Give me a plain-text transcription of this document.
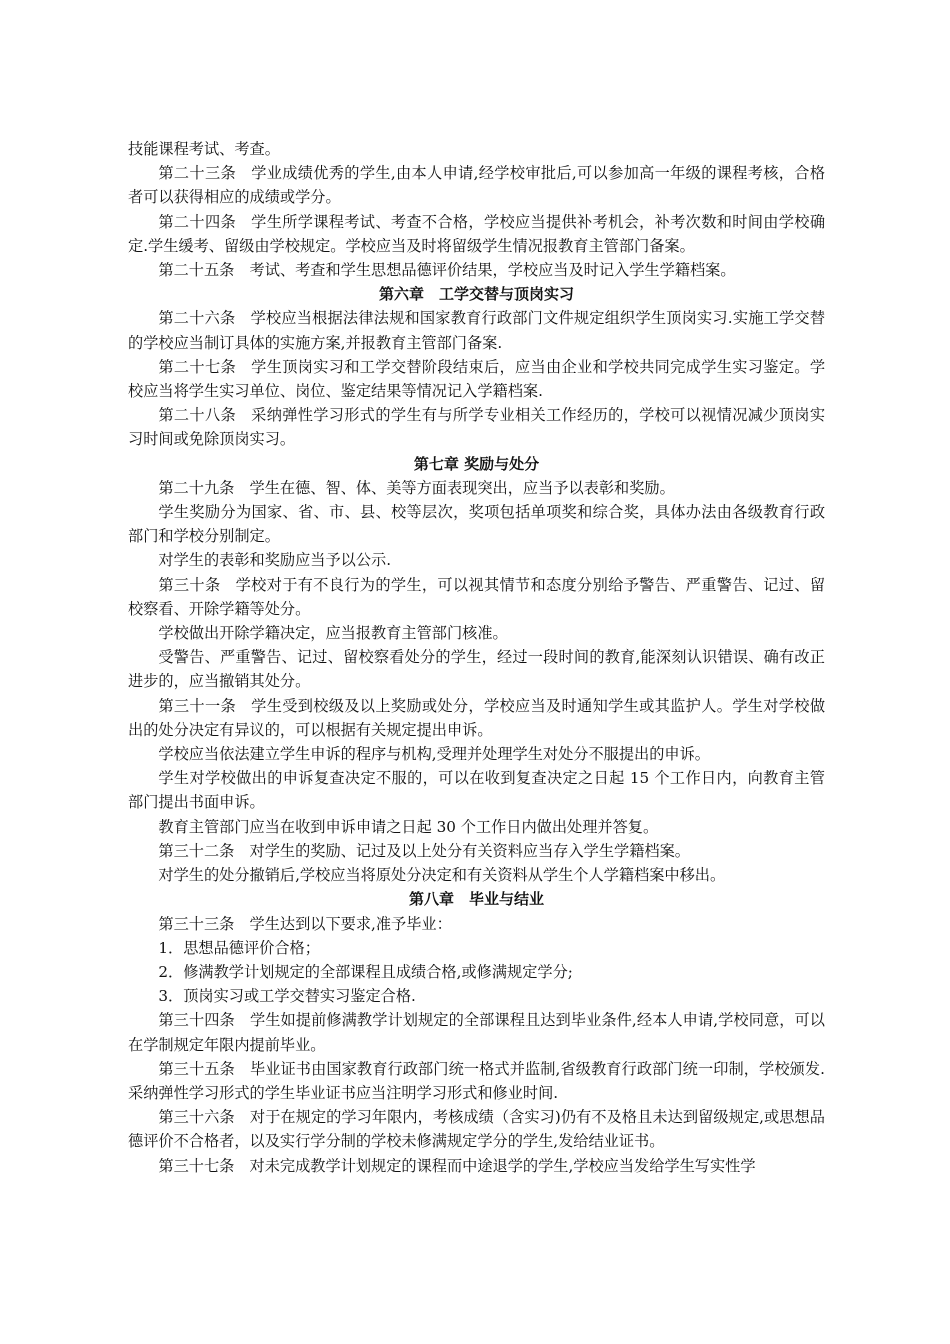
技能课程考试、考查。

第二十三条 学业成绩优秀的学生,由本人申请,经学校审批后,可以参加高一年级的课程考核，合格者可以获得相应的成绩或学分。

第二十四条 学生所学课程考试、考查不合格，学校应当提供补考机会，补考次数和时间由学校确定.学生缓考、留级由学校规定。学校应当及时将留级学生情况报教育主管部门备案。

第二十五条 考试、考查和学生思想品德评价结果，学校应当及时记入学生学籍档案。

第六章　工学交替与顶岗实习

第二十六条 学校应当根据法律法规和国家教育行政部门文件规定组织学生顶岗实习.实施工学交替的学校应当制订具体的实施方案,并报教育主管部门备案.

第二十七条 学生顶岗实习和工学交替阶段结束后，应当由企业和学校共同完成学生实习鉴定。学校应当将学生实习单位、岗位、鉴定结果等情况记入学籍档案.

第二十八条 采纳弹性学习形式的学生有与所学专业相关工作经历的，学校可以视情况减少顶岗实习时间或免除顶岗实习。

第七章 奖励与处分

第二十九条 学生在德、智、体、美等方面表现突出，应当予以表彰和奖励。

学生奖励分为国家、省、市、县、校等层次，奖项包括单项奖和综合奖，具体办法由各级教育行政部门和学校分别制定。

对学生的表彰和奖励应当予以公示.

第三十条 学校对于有不良行为的学生，可以视其情节和态度分别给予警告、严重警告、记过、留校察看、开除学籍等处分。

学校做出开除学籍决定，应当报教育主管部门核准。

受警告、严重警告、记过、留校察看处分的学生，经过一段时间的教育,能深刻认识错误、确有改正进步的，应当撤销其处分。

第三十一条 学生受到校级及以上奖励或处分，学校应当及时通知学生或其监护人。学生对学校做出的处分决定有异议的，可以根据有关规定提出申诉。

学校应当依法建立学生申诉的程序与机构,受理并处理学生对处分不服提出的申诉。

学生对学校做出的申诉复查决定不服的，可以在收到复查决定之日起 15 个工作日内，向教育主管部门提出书面申诉。

教育主管部门应当在收到申诉申请之日起 30 个工作日内做出处理并答复。

第三十二条 对学生的奖励、记过及以上处分有关资料应当存入学生学籍档案。

对学生的处分撤销后,学校应当将原处分决定和有关资料从学生个人学籍档案中移出。

第八章　毕业与结业

第三十三条 学生达到以下要求,准予毕业：

1．思想品德评价合格；

2．修满教学计划规定的全部课程且成绩合格,或修满规定学分;

3．顶岗实习或工学交替实习鉴定合格.

第三十四条 学生如提前修满教学计划规定的全部课程且达到毕业条件,经本人申请,学校同意，可以在学制规定年限内提前毕业。

第三十五条 毕业证书由国家教育行政部门统一格式并监制,省级教育行政部门统一印制，学校颁发.采纳弹性学习形式的学生毕业证书应当注明学习形式和修业时间.

第三十六条 对于在规定的学习年限内，考核成绩（含实习)仍有不及格且未达到留级规定,或思想品德评价不合格者，以及实行学分制的学校未修满规定学分的学生,发给结业证书。

第三十七条 对未完成教学计划规定的课程而中途退学的学生,学校应当发给学生写实性学
